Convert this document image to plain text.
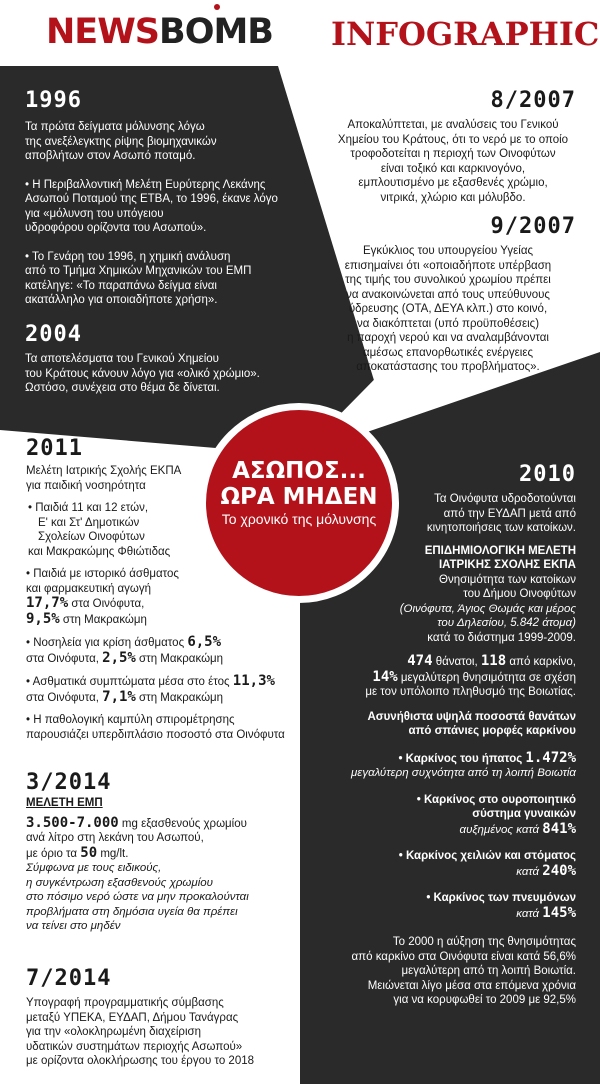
NEWSBOMB INFOGRAPHIC
1996

Τα πρώτα δείγματα μόλυνσης λόγω

της ανεξέλεγκτης ρίψης βιομηχανικών

αποβλήτων στον Ασωπό ποταμό.

• Η Περιβαλλοντική Μελέτη Ευρύτερης Λεκάνης

Ασωπού Ποταμού της ΕΤΒΑ, το 1996, έκανε λόγο

για «μόλυνση του υπόγειου

υδροφόρου ορίζοντα του Ασωπού».

• Το Γενάρη του 1996, η χημική ανάλυση

από το Τμήμα Χημικών Μηχανικών του ΕΜΠ

κατέληγε: «Το παραπάνω δείγμα είναι

ακατάλληλο για οποιαδήποτε χρήση».

2004

Τα αποτελέσματα του Γενικού Χημείου

του Κράτους κάνουν λόγο για «ολικό χρώμιο».

Ωστόσο, συνέχεια στο θέμα δε δίνεται.

8/2007

Αποκαλύπτεται, με αναλύσεις του Γενικού

Χημείου του Κράτους, ότι το νερό με το οποίο

τροφοδοτείται η περιοχή των Οινοφύτων

είναι τοξικό και καρκινογόνο,

εμπλουτισμένο με εξασθενές χρώμιο,

νιτρικά, χλώριο και μόλυβδο.

9/2007

Εγκύκλιος του υπουργείου Υγείας

επισημαίνει ότι «οποιαδήποτε υπέρβαση

της τιμής του συνολικού χρωμίου πρέπει

να ανακοινώνεται από τους υπεύθυνους

ύδρευσης (ΟΤΑ, ΔΕΥΑ κλπ.) στο κοινό,

να διακόπτεται (υπό προϋποθέσεις)

η παροχή νερού και να αναλαμβάνονται

αμέσως επανορθωτικές ενέργειες

αποκατάστασης του προβλήματος».

ΑΣΩΠΟΣ...
ΩΡΑ ΜΗΔΕΝ
Το χρονικό της μόλυνσης
2011

Μελέτη Ιατρικής Σχολής ΕΚΠΑ

για παιδική νοσηρότητα

• Παιδιά 11 και 12 ετών,

Ε' και Στ' Δημοτικών

Σχολείων Οινοφύτων

και Μακρακώμης Φθιώτιδας

• Παιδιά με ιστορικό άσθματος

και φαρμακευτική αγωγή

17,7% στα Οινόφυτα,

9,5% στη Μακρακώμη

• Νοσηλεία για κρίση άσθματος 6,5%

στα Οινόφυτα, 2,5% στη Μακρακώμη

• Ασθματικά συμπτώματα μέσα στο έτος 11,3%

στα Οινόφυτα, 7,1% στη Μακρακώμη

• Η παθολογική καμπύλη σπιρομέτρησης

παρουσιάζει υπερδιπλάσιο ποσοστό στα Οινόφυτα

3/2014

ΜΕΛΕΤΗ ΕΜΠ

3.500-7.000 mg εξασθενούς χρωμίου

ανά λίτρο στη λεκάνη του Ασωπού,

με όριο τα 50 mg/lt.

Σύμφωνα με τους ειδικούς,

η συγκέντρωση εξασθενούς χρωμίου

στο πόσιμο νερό ώστε να μην προκαλούνται

προβλήματα στη δημόσια υγεία θα πρέπει

να τείνει στο μηδέν

7/2014

Υπογραφή προγραμματικής σύμβασης

μεταξύ ΥΠΕΚΑ, ΕΥΔΑΠ, Δήμου Τανάγρας

για την «ολοκληρωμένη διαχείριση

υδατικών συστημάτων περιοχής Ασωπού»

με ορίζοντα ολοκλήρωσης του έργου το 2018

2010

Τα Οινόφυτα υδροδοτούνται

από την ΕΥΔΑΠ μετά από

κινητοποιήσεις των κατοίκων.

ΕΠΙΔΗΜΙΟΛΟΓΙΚΗ ΜΕΛΕΤΗ

ΙΑΤΡΙΚΗΣ ΣΧΟΛΗΣ ΕΚΠΑ

Θνησιμότητα των κατοίκων

του Δήμου Οινοφύτων

(Οινόφυτα, Άγιος Θωμάς και μέρος

του Δηλεσίου, 5.842 άτομα)

κατά το διάστημα 1999-2009.

474 θάνατοι, 118 από καρκίνο,

14% μεγαλύτερη θνησιμότητα σε σχέση

με τον υπόλοιπο πληθυσμό της Βοιωτίας.

Ασυνήθιστα υψηλά ποσοστά θανάτων

από σπάνιες μορφές καρκίνου

• Καρκίνος του ήπατος 1.472%

μεγαλύτερη συχνότητα από τη λοιπή Βοιωτία

• Καρκίνος στο ουροποιητικό

σύστημα γυναικών

αυξημένος κατά 841%

• Καρκίνος χειλιών και στόματος

κατά 240%

• Καρκίνος των πνευμόνων

κατά 145%

Το 2000 η αύξηση της θνησιμότητας

από καρκίνο στα Οινόφυτα είναι κατά 56,6%

μεγαλύτερη από τη λοιπή Βοιωτία.

Μειώνεται λίγο μέσα στα επόμενα χρόνια

για να κορυφωθεί το 2009 με 92,5%
